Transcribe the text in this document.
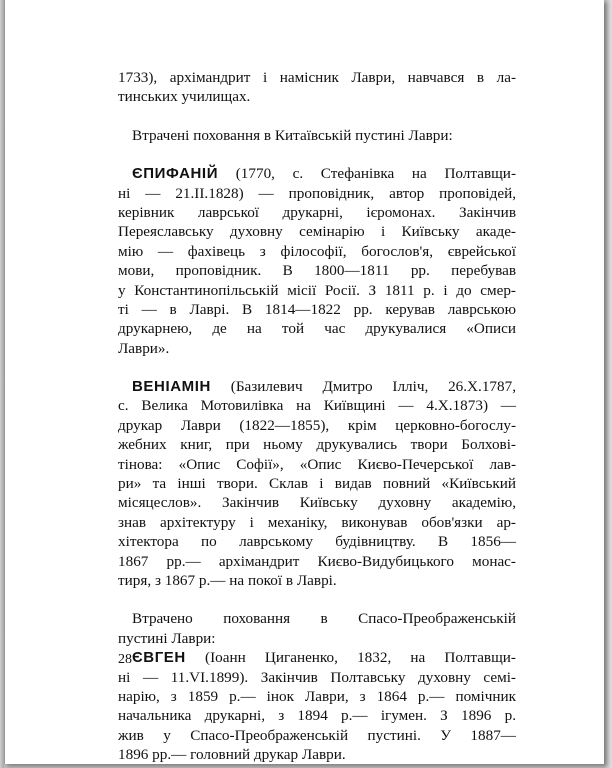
1733), архімандрит і намісник Лаври, навчався в ла-
тинських училищах.
Втрачені поховання в Китаївській пустині Лаври:
ЄПИФАНІЙ (1770, с. Стефанівка на Полтавщи-
ні — 21.II.1828) — проповідник, автор проповідей,
керівник лаврської друкарні, ієромонах. Закінчив
Переяславську духовну семінарію і Київську акаде-
мію — фахівець з філософії, богослов'я, єврейської
мови, проповідник. В 1800—1811 рр. перебував
у Константинопільській місії Росії. З 1811 р. і до смер-
ті — в Лаврі. В 1814—1822 рр. керував лаврською
друкарнею, де на той час друкувалися «Описи
Лаври».
ВЕНІАМІН (Базилевич Дмитро Ілліч, 26.X.1787,
с. Велика Мотовилівка на Київщині — 4.X.1873) —
друкар Лаври (1822—1855), крім церковно-богослу-
жебних книг, при ньому друкувались твори Болхові-
тінова: «Опис Софії», «Опис Києво-Печерської лав-
ри» та інші твори. Склав і видав повний «Київський
місяцеслов». Закінчив Київську духовну академію,
знав архітектуру і механіку, виконував обов'язки ар-
хітектора по лаврському будівництву. В 1856—
1867 рр.— архімандрит Києво-Видубицького монас-
тиря, з 1867 р.— на покої в Лаврі.
Втрачено поховання в Спасо-Преображенській
пустині Лаври:
ЄВГЕН (Іоанн Циганенко, 1832, на Полтавщи-
ні — 11.VI.1899). Закінчив Полтавську духовну семі-
нарію, з 1859 р.— інок Лаври, з 1864 р.— помічник
начальника друкарні, з 1894 р.— ігумен. З 1896 р.
жив у Спасо-Преображенській пустині. У 1887—
1896 рр.— головний друкар Лаври.
28
